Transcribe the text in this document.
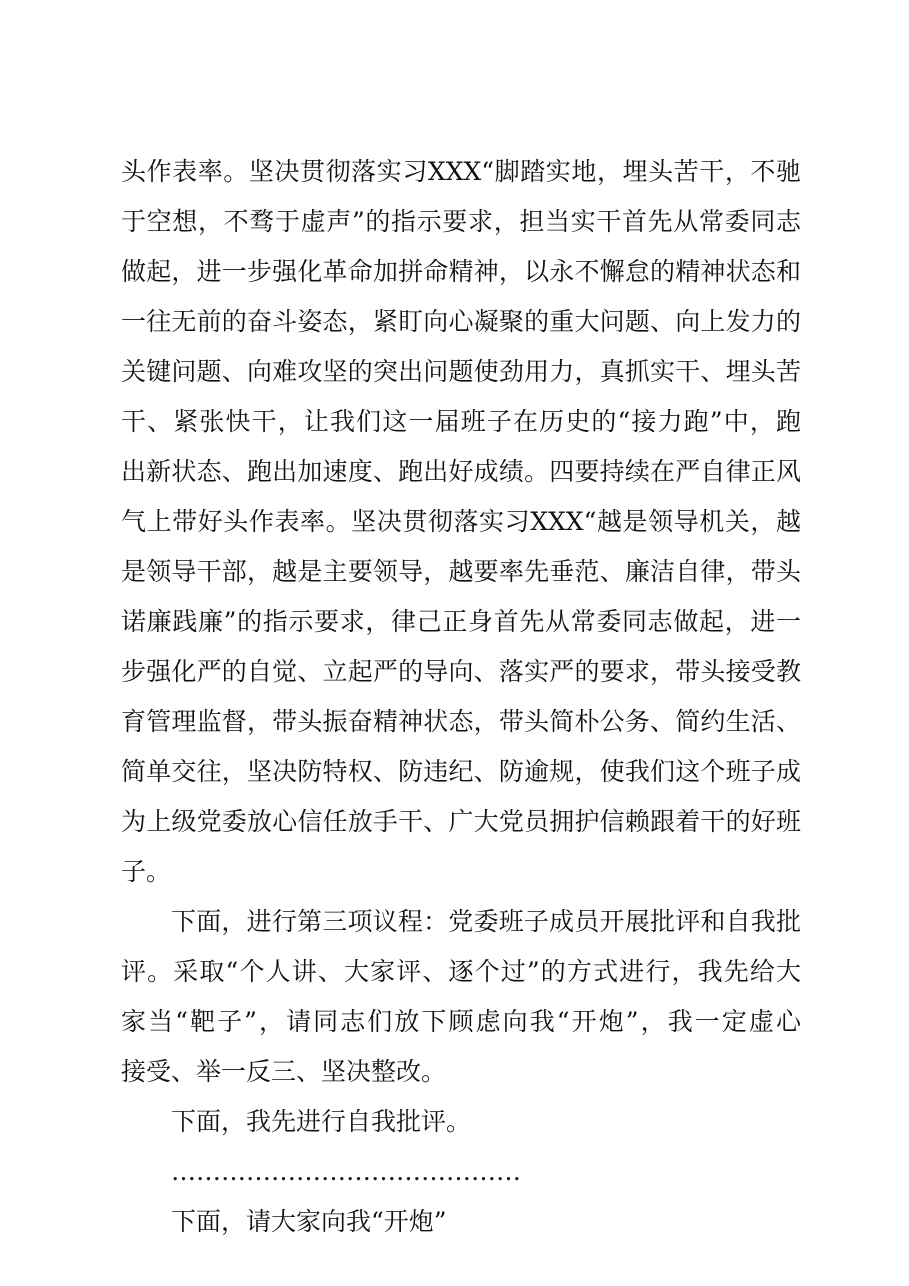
头作表率。坚决贯彻落实习XXX“脚踏实地，埋头苦干，不驰
于空想，不骛于虚声”的指示要求，担当实干首先从常委同志
做起，进一步强化革命加拼命精神，以永不懈怠的精神状态和
一往无前的奋斗姿态，紧盯向心凝聚的重大问题、向上发力的
关键问题、向难攻坚的突出问题使劲用力，真抓实干、埋头苦
干、紧张快干，让我们这一届班子在历史的“接力跑”中，跑
出新状态、跑出加速度、跑出好成绩。四要持续在严自律正风
气上带好头作表率。坚决贯彻落实习XXX“越是领导机关，越
是领导干部，越是主要领导，越要率先垂范、廉洁自律，带头
诺廉践廉”的指示要求，律己正身首先从常委同志做起，进一
步强化严的自觉、立起严的导向、落实严的要求，带头接受教
育管理监督，带头振奋精神状态，带头简朴公务、简约生活、
简单交往，坚决防特权、防违纪、防逾规，使我们这个班子成
为上级党委放心信任放手干、广大党员拥护信赖跟着干的好班
子。
下面，进行第三项议程：党委班子成员开展批评和自我批
评。采取“个人讲、大家评、逐个过”的方式进行，我先给大
家当“靶子”，请同志们放下顾虑向我“开炮”，我一定虚心
接受、举一反三、坚决整改。
下面，我先进行自我批评。
……………………………………
下面，请大家向我“开炮”
